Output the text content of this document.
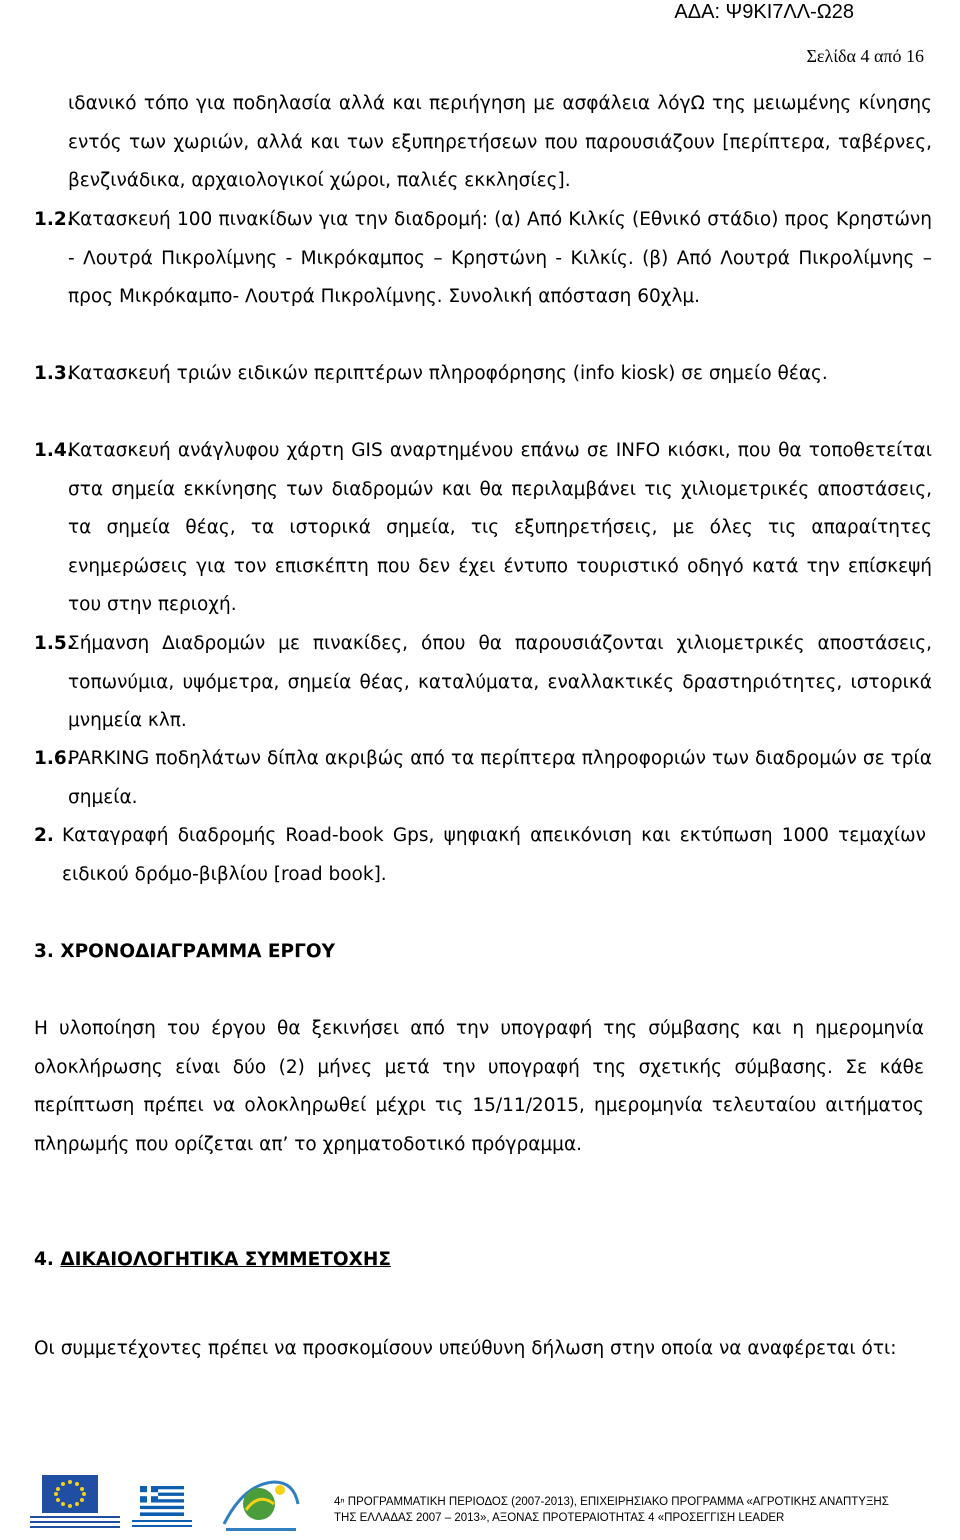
ΑΔΑ: Ψ9ΚΙ7ΛΛ-Ω28
Σελίδα 4 από 16
ιδανικό τόπο για ποδηλασία αλλά και περιήγηση με ασφάλεια λόγΩ της μειωμένης κίνησης εντός των χωριών, αλλά και των εξυπηρετήσεων που παρουσιάζουν [περίπτερα, ταβέρνες, βενζινάδικα, αρχαιολογικοί χώροι, παλιές εκκλησίες].
1.2.
Κατασκευή 100 πινακίδων για την διαδρομή: (α) Από Κιλκίς (Εθνικό στάδιο) προς Κρηστώνη - Λουτρά Πικρολίμνης - Μικρόκαμπος – Κρηστώνη - Κιλκίς. (β) Από Λουτρά Πικρολίμνης – προς Μικρόκαμπο- Λουτρά Πικρολίμνης. Συνολική απόσταση 60χλμ.
1.3.
Κατασκευή τριών ειδικών περιπτέρων πληροφόρησης (info kiosk) σε σημείο θέας.
1.4.
Κατασκευή ανάγλυφου χάρτη GIS αναρτημένου επάνω σε INFO κιόσκι, που θα τοποθετείται στα σημεία εκκίνησης των διαδρομών και θα περιλαμβάνει τις χιλιομετρικές αποστάσεις, τα σημεία θέας, τα ιστορικά σημεία, τις εξυπηρετήσεις, με όλες τις απαραίτητες ενημερώσεις για τον επισκέπτη που δεν έχει έντυπο τουριστικό οδηγό κατά την επίσκεψή του στην περιοχή.
1.5.
Σήμανση Διαδρομών με πινακίδες, όπου θα παρουσιάζονται χιλιομετρικές αποστάσεις, τοπωνύμια, υψόμετρα, σημεία θέας, καταλύματα, εναλλακτικές δραστηριότητες, ιστορικά μνημεία κλπ.
1.6.
PARKING ποδηλάτων δίπλα ακριβώς από τα περίπτερα πληροφοριών των διαδρομών σε τρία σημεία.
2. Καταγραφή διαδρομής Road-book Gps, ψηφιακή απεικόνιση και εκτύπωση 1000 τεμαχίων ειδικού δρόμο-βιβλίου [road book].
3. ΧΡΟΝΟΔΙΑΓΡΑΜΜΑ ΕΡΓΟΥ
Η υλοποίηση του έργου θα ξεκινήσει από την υπογραφή της σύμβασης και η ημερομηνία ολοκλήρωσης είναι δύο (2) μήνες μετά την υπογραφή της σχετικής σύμβασης. Σε κάθε περίπτωση πρέπει να ολοκληρωθεί μέχρι τις 15/11/2015, ημερομηνία τελευταίου αιτήματος πληρωμής που ορίζεται απ’ το χρηματοδοτικό πρόγραμμα.
4. ΔΙΚΑΙΟΛΟΓΗΤΙΚΑ ΣΥΜΜΕΤΟΧΗΣ
Οι συμμετέχοντες πρέπει να προσκομίσουν υπεύθυνη δήλωση στην οποία να αναφέρεται ότι:
4ⁿ ΠΡΟΓΡΑΜΜΑΤΙΚΗ ΠΕΡΙΟΔΟΣ (2007-2013), ΕΠΙΧΕΙΡΗΣΙΑΚΟ ΠΡΟΓΡΑΜΜΑ «ΑΓΡΟΤΙΚΗΣ ΑΝΑΠΤΥΞΗΣ
ΤΗΣ ΕΛΛΑΔΑΣ 2007 – 2013», ΑΞΟΝΑΣ ΠΡΟΤΕΡΑΙΟΤΗΤΑΣ 4 «ΠΡΟΣΕΓΓΙΣΗ LEADER
